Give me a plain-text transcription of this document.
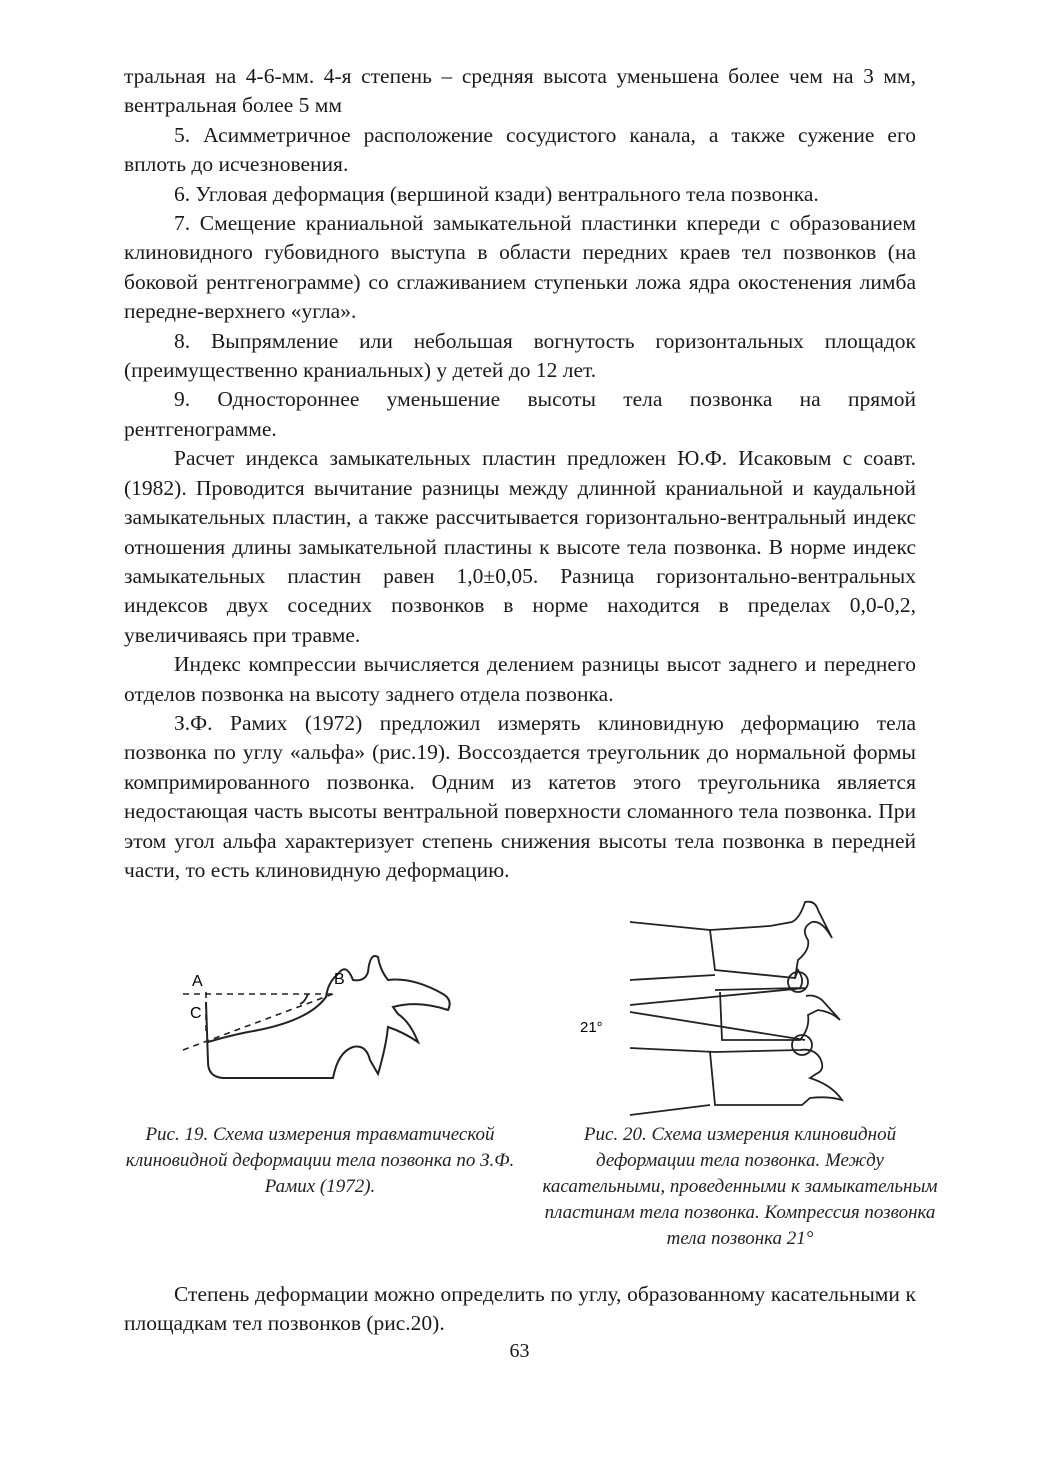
тральная на 4-6-мм. 4-я степень – средняя высота уменьшена более чем на 3 мм, вентральная более 5 мм

5. Асимметричное расположение сосудистого канала, а также сужение его вплоть до исчезновения.

6. Угловая деформация (вершиной кзади) вентрального тела позвонка.

7. Смещение краниальной замыкательной пластинки кпереди с образованием клиновидного губовидного выступа в области передних краев тел позвонков (на боковой рентгенограмме) со сглаживанием ступеньки ложа ядра окостенения лимба передне-верхнего «угла».

8. Выпрямление или небольшая вогнутость горизонтальных площадок (преимущественно краниальных) у детей до 12 лет.

9. Одностороннее уменьшение высоты тела позвонка на прямой рентгенограмме.

Расчет индекса замыкательных пластин предложен Ю.Ф. Исаковым с соавт. (1982). Проводится вычитание разницы между длинной краниальной и каудальной замыкательных пластин, а также рассчитывается горизонтально-вентральный индекс отношения длины замыкательной пластины к высоте тела позвонка. В норме индекс замыкательных пластин равен 1,0±0,05. Разница горизонтально-вентральных индексов двух соседних позвонков в норме находится в пределах 0,0-0,2, увеличиваясь при травме.

Индекс компрессии вычисляется делением разницы высот заднего и переднего отделов позвонка на высоту заднего отдела позвонка.

З.Ф. Рамих (1972) предложил измерять клиновидную деформацию тела позвонка по углу «альфа» (рис.19). Воссоздается треугольник до нормальной формы компримированного позвонка. Одним из катетов этого треугольника является недостающая часть высоты вентральной поверхности сломанного тела позвонка. При этом угол альфа характеризует степень снижения высоты тела позвонка в передней части, то есть клиновидную деформацию.

A	B
C
21°
Рис. 19. Схема измерения травматической клиновидной деформации тела позвонка по З.Ф. Рамих (1972).
Рис. 20. Схема измерения клиновидной деформации тела позвонка. Между касательными, проведенными к замыкательным пластинам тела позвонка. Компрессия позвонка тела позвонка 21°

Степень деформации можно определить по углу, образованному касательными к площадкам тел позвонков (рис.20).

63
